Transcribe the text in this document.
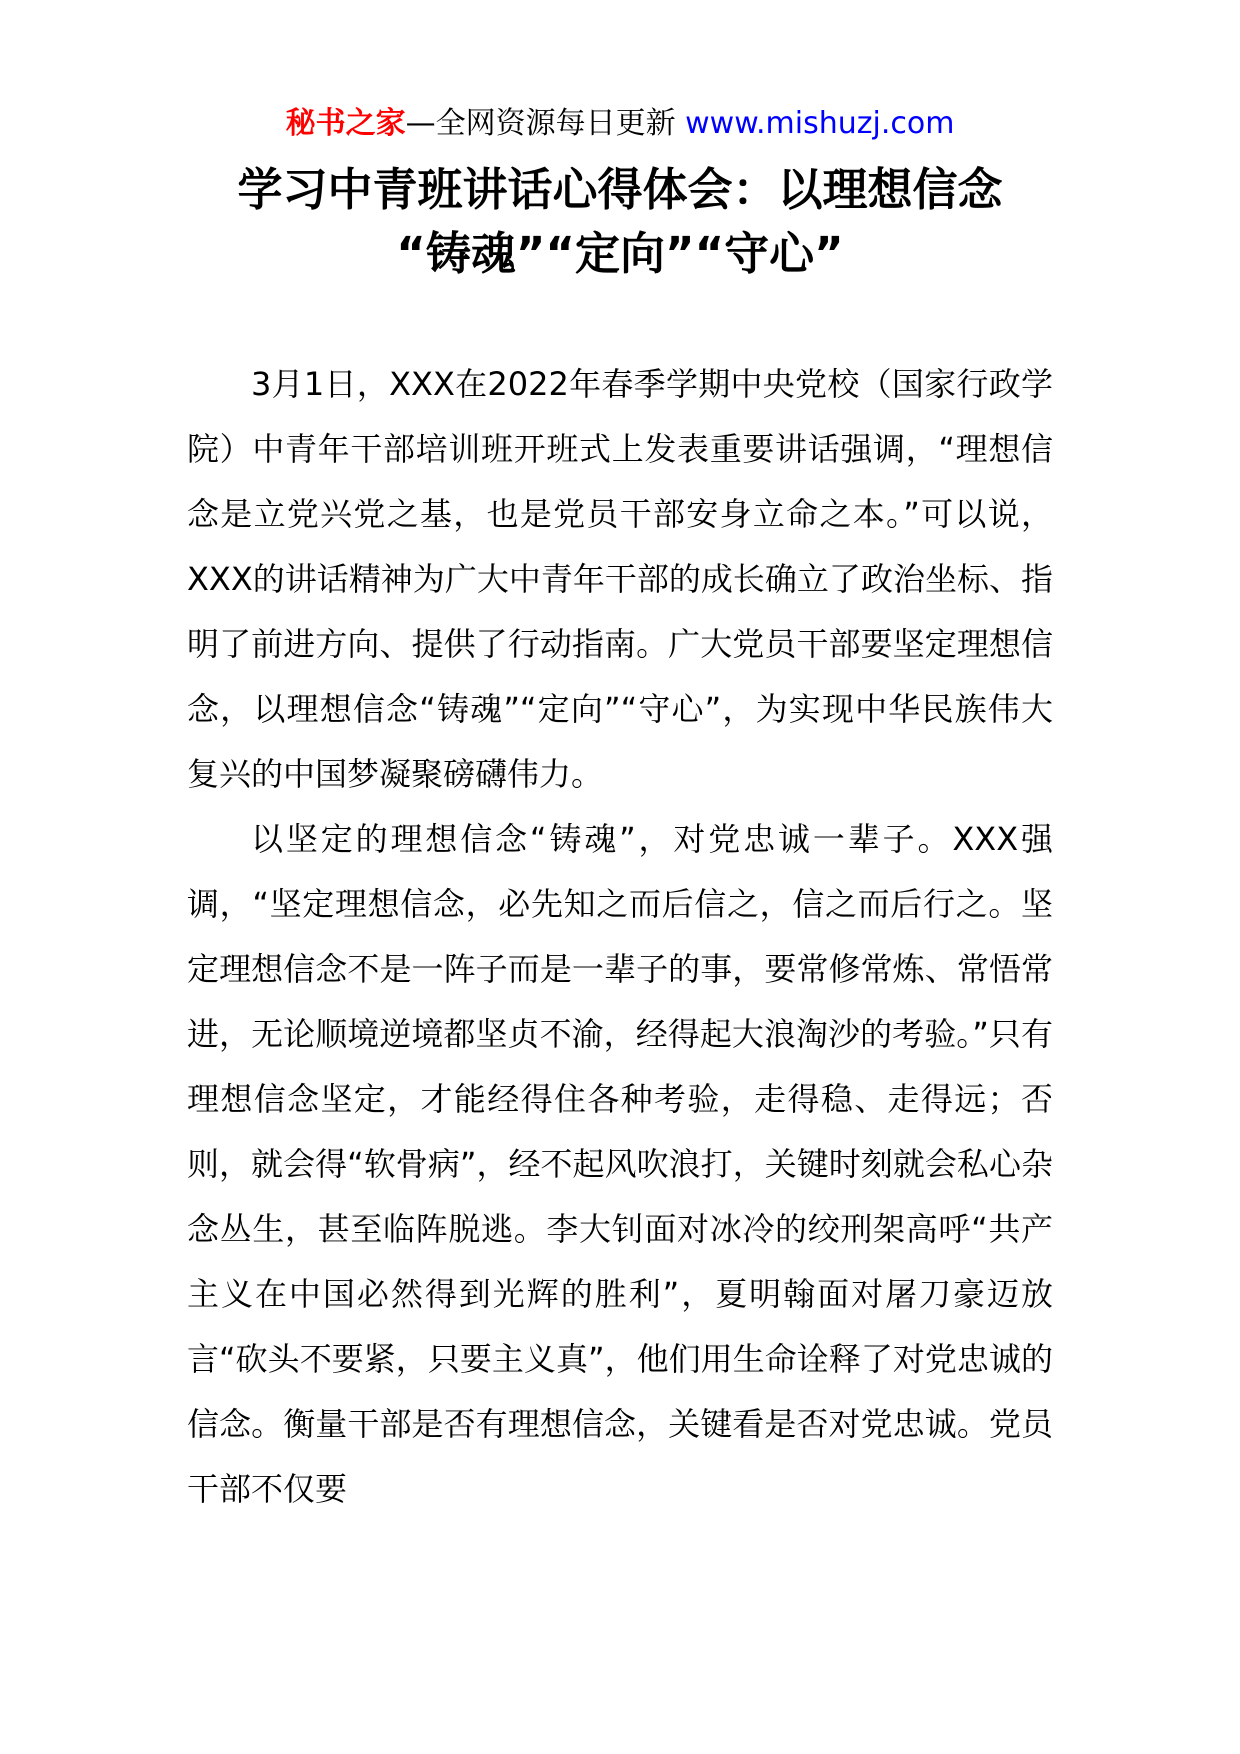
秘书之家—全网资源每日更新 www.mishuzj.com
学习中青班讲话心得体会：以理想信念
“铸魂”“定向”“守心”

3月1日，XXX在2022年春季学期中央党校（国家行政学院）中青年干部培训班开班式上发表重要讲话强调，“理想信念是立党兴党之基，也是党员干部安身立命之本。”可以说，XXX的讲话精神为广大中青年干部的成长确立了政治坐标、指明了前进方向、提供了行动指南。广大党员干部要坚定理想信念，以理想信念“铸魂”“定向”“守心”，为实现中华民族伟大复兴的中国梦凝聚磅礴伟力。

以坚定的理想信念“铸魂”，对党忠诚一辈子。XXX强调，“坚定理想信念，必先知之而后信之，信之而后行之。坚定理想信念不是一阵子而是一辈子的事，要常修常炼、常悟常进，无论顺境逆境都坚贞不渝，经得起大浪淘沙的考验。”只有理想信念坚定，才能经得住各种考验，走得稳、走得远；否则，就会得“软骨病”，经不起风吹浪打，关键时刻就会私心杂念丛生，甚至临阵脱逃。李大钊面对冰冷的绞刑架高呼“共产主义在中国必然得到光辉的胜利”，夏明翰面对屠刀豪迈放言“砍头不要紧，只要主义真”，他们用生命诠释了对党忠诚的信念。衡量干部是否有理想信念，关键看是否对党忠诚。党员干部不仅要
